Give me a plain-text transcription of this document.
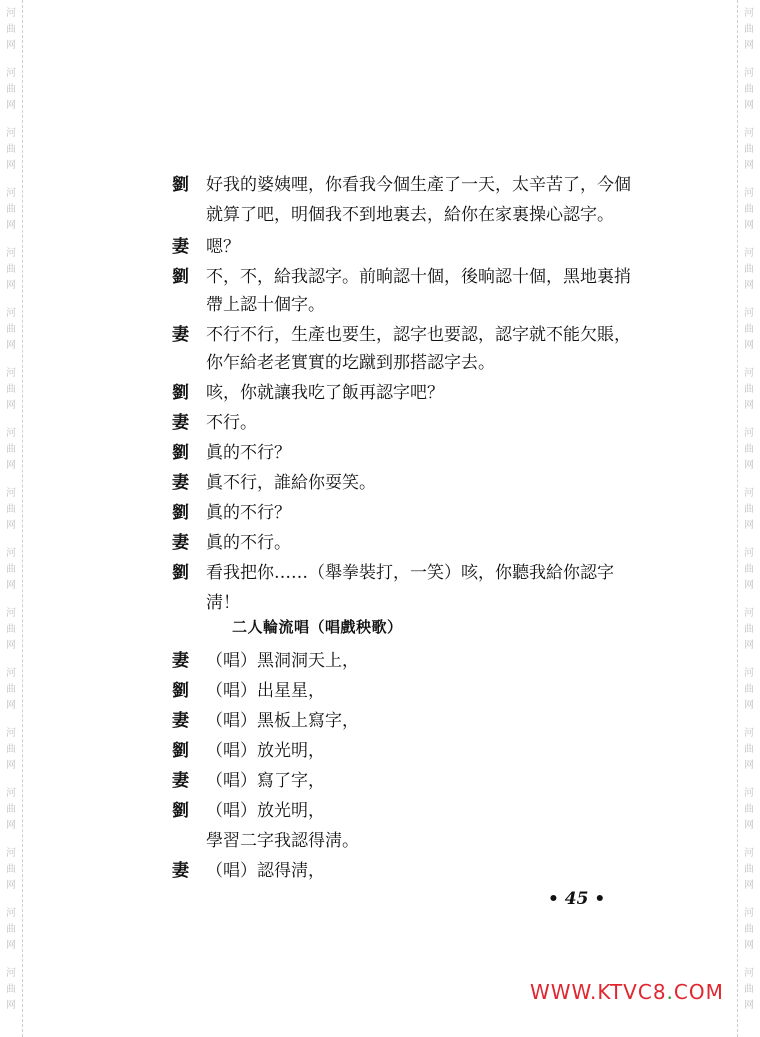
河
曲
网
河
曲
网
河
曲
网
河
曲
网
河
曲
网
河
曲
网
河
曲
网
河
曲
网
河
曲
网
河
曲
网
河
曲
网
河
曲
网
河
曲
网
河
曲
网
河
曲
网
河
曲
网
河
曲
网
河
曲
网
河
曲
网
河
曲
网
河
曲
网
河
曲
网
河
曲
网
河
曲
网
河
曲
网
河
曲
网
河
曲
网
河
曲
网
河
曲
网
河
曲
网
河
曲
网
河
曲
网
河
曲
网
河
曲
网
劉 好我的婆姨哩，你看我今個生產了一天，太辛苦了，今個
就算了吧，明個我不到地裏去，給你在家裏操心認字。
妻 嗯？
劉 不，不，給我認字。前晌認十個，後晌認十個，黑地裏捎
帶上認十個字。
妻 不行不行，生產也要生，認字也要認，認字就不能欠賬，
你乍給老老實實的圪蹴到那搭認字去。
劉 咳，你就讓我吃了飯再認字吧？
妻 不行。
劉 眞的不行？
妻 眞不行，誰給你耍笑。
劉 眞的不行？
妻 眞的不行。
劉 看我把你……（舉拳裝打，一笑）咳，你聽我給你認字
淸！
妻 （唱）黑洞洞天上，
劉 （唱）出星星，
妻 （唱）黑板上寫字，
劉 （唱）放光明，
妻 （唱）寫了字，
劉 （唱）放光明，
學習二字我認得淸。
妻 （唱）認得淸，
二人輪流唱（唱戲秧歌）
• 45 •
WWW.KTVC8.COM
